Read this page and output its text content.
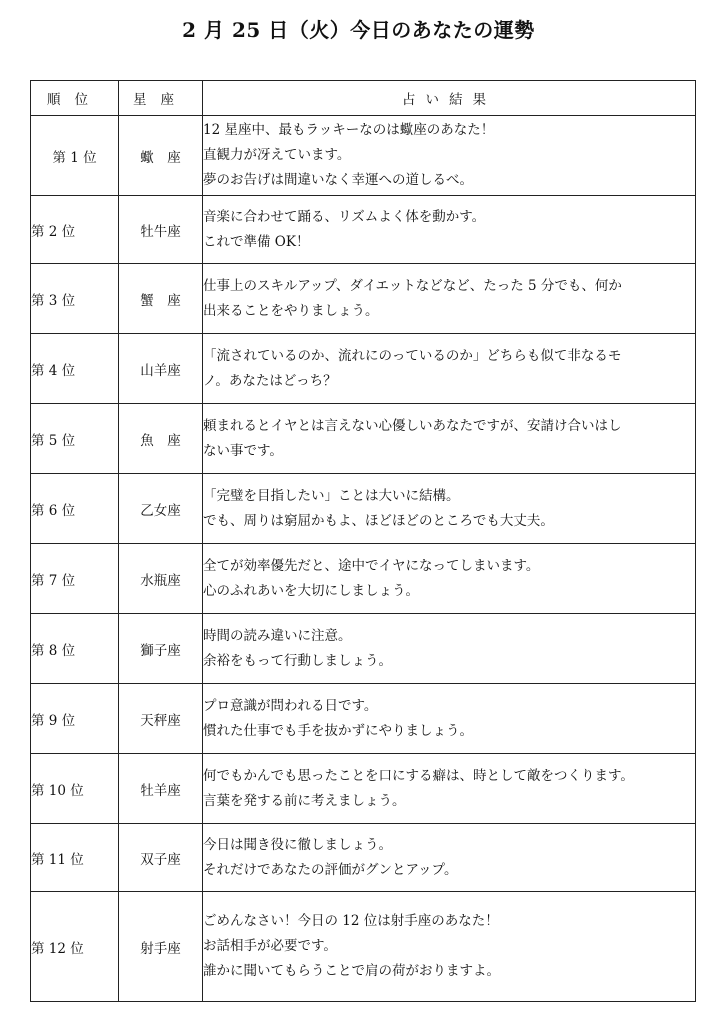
2 月 25 日（火）今日のあなたの運勢
順位	星座	占い結果
第 1 位	蠍　座	12 星座中、最もラッキーなのは蠍座のあなた！
直観力が冴えています。
夢のお告げは間違いなく幸運への道しるべ。

第 2 位	牡牛座	音楽に合わせて踊る、リズムよく体を動かす。
これで準備 OK！

第 3 位	蟹　座	仕事上のスキルアップ、ダイエットなどなど、たった 5 分でも、何か
出来ることをやりましょう。

第 4 位	山羊座	「流されているのか、流れにのっているのか」どちらも似て非なるモ
ノ。あなたはどっち？

第 5 位	魚　座	頼まれるとイヤとは言えない心優しいあなたですが、安請け合いはし
ない事です。

第 6 位	乙女座	「完璧を目指したい」ことは大いに結構。
でも、周りは窮屈かもよ、ほどほどのところでも大丈夫。

第 7 位	水瓶座	全てが効率優先だと、途中でイヤになってしまいます。
心のふれあいを大切にしましょう。

第 8 位	獅子座	時間の読み違いに注意。
余裕をもって行動しましょう。

第 9 位	天秤座	プロ意識が問われる日です。
慣れた仕事でも手を抜かずにやりましょう。

第 10 位	牡羊座	何でもかんでも思ったことを口にする癖は、時として敵をつくります。
言葉を発する前に考えましょう。

第 11 位	双子座	今日は聞き役に徹しましょう。
それだけであなたの評価がグンとアップ。

第 12 位	射手座	ごめんなさい！今日の 12 位は射手座のあなた！
お話相手が必要です。
誰かに聞いてもらうことで肩の荷がおりますよ。
